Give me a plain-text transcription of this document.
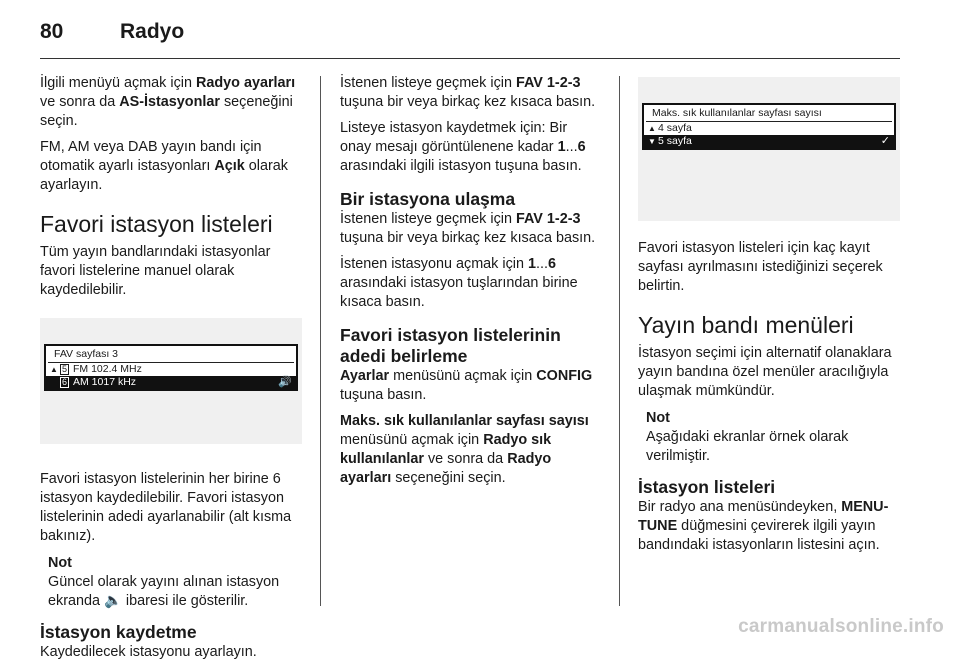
80	Radyo

İlgili menüyü açmak için Radyo ayarları ve sonra da AS-İstasyonlar seçeneğini seçin.

FM, AM veya DAB yayın bandı için otomatik ayarlı istasyonları Açık olarak ayarlayın.

Favori istasyon listeleri

Tüm yayın bandlarındaki istasyonlar favori listelerine manuel olarak kaydedilebilir.

FAV sayfası 3
▲ 5 FM 102.4 MHz
6 AM 1017 kHz	🔊

Favori istasyon listelerinin her birine 6 istasyon kaydedilebilir. Favori istasyon listelerinin adedi ayarlanabilir (alt kısma bakınız).

Not
Güncel olarak yayını alınan istasyon ekranda 🔈 ibaresi ile gösterilir.
İstasyon kaydetme

Kaydedilecek istasyonu ayarlayın.

İstenen listeye geçmek için FAV 1-2-3 tuşuna bir veya birkaç kez kısaca basın.

Listeye istasyon kaydetmek için: Bir onay mesajı görüntülenene kadar 1...6 arasındaki ilgili istasyon tuşuna basın.

Bir istasyona ulaşma

İstenen listeye geçmek için FAV 1-2-3 tuşuna bir veya birkaç kez kısaca basın.

İstenen istasyonu açmak için 1...6 arasındaki istasyon tuşlarından birine kısaca basın.

Favori istasyon listelerinin adedi belirleme

Ayarlar menüsünü açmak için CONFIG tuşuna basın.

Maks. sık kullanılanlar sayfası sayısı menüsünü açmak için Radyo sık kullanılanlar ve sonra da Radyo ayarları seçeneğini seçin.

Maks. sık kullanılanlar sayfası sayısı
▲ 4 sayfa
▼ 5 sayfa	✓

Favori istasyon listeleri için kaç kayıt sayfası ayrılmasını istediğinizi seçerek belirtin.

Yayın bandı menüleri

İstasyon seçimi için alternatif olanaklara yayın bandına özel menüler aracılığıyla ulaşmak mümkündür.

Not
Aşağıdaki ekranlar örnek olarak verilmiştir.
İstasyon listeleri

Bir radyo ana menüsündeyken, MENU-TUNE düğmesini çevirerek ilgili yayın bandındaki istasyonların listesini açın.

carmanualsonline.info
